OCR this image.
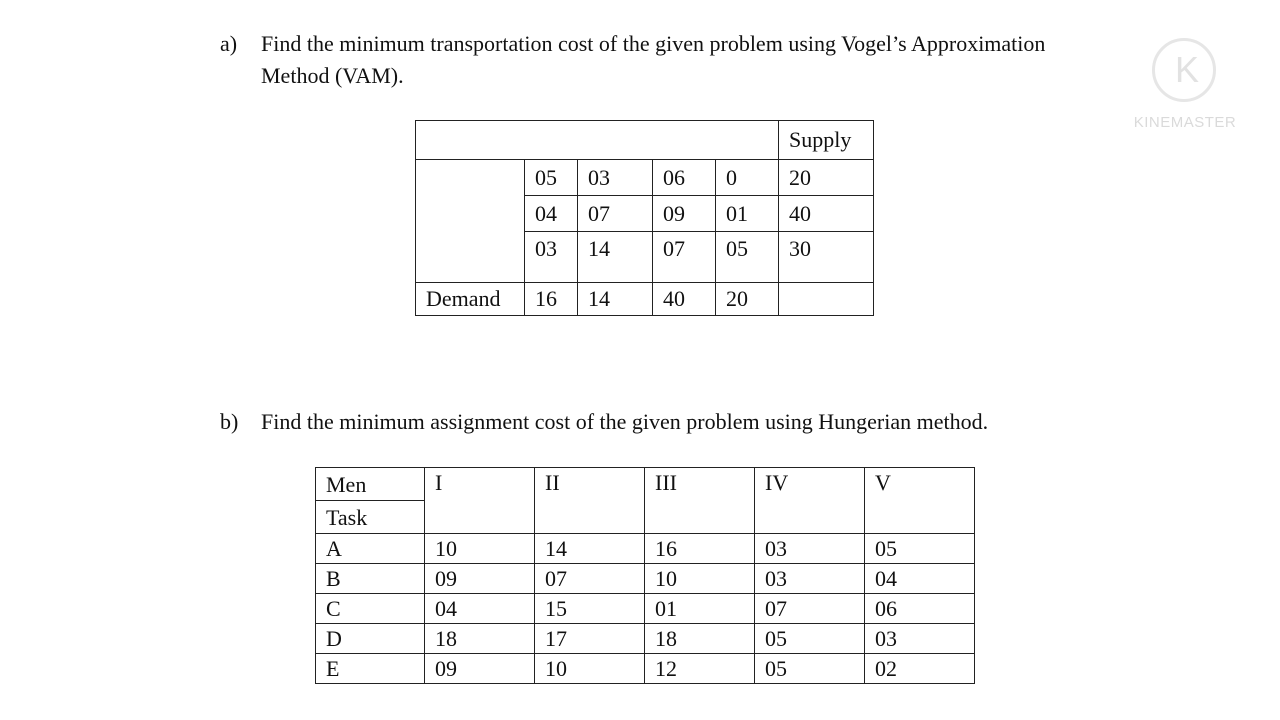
a) Find the minimum transportation cost of the given problem using Vogel’s Approximation
Method (VAM).
					Supply
	05	03	06	0	20
	04	07	09	01	40
	03	14	07	05	30
Demand	16	14	40	20	
b) Find the minimum assignment cost of the given problem using Hungerian method.
Men	I	II	III	IV	V
Task					
A	10	14	16	03	05
B	09	07	10	03	04
C	04	15	01	07	06
D	18	17	18	05	03
E	09	10	12	05	02
K
KINEMASTER
